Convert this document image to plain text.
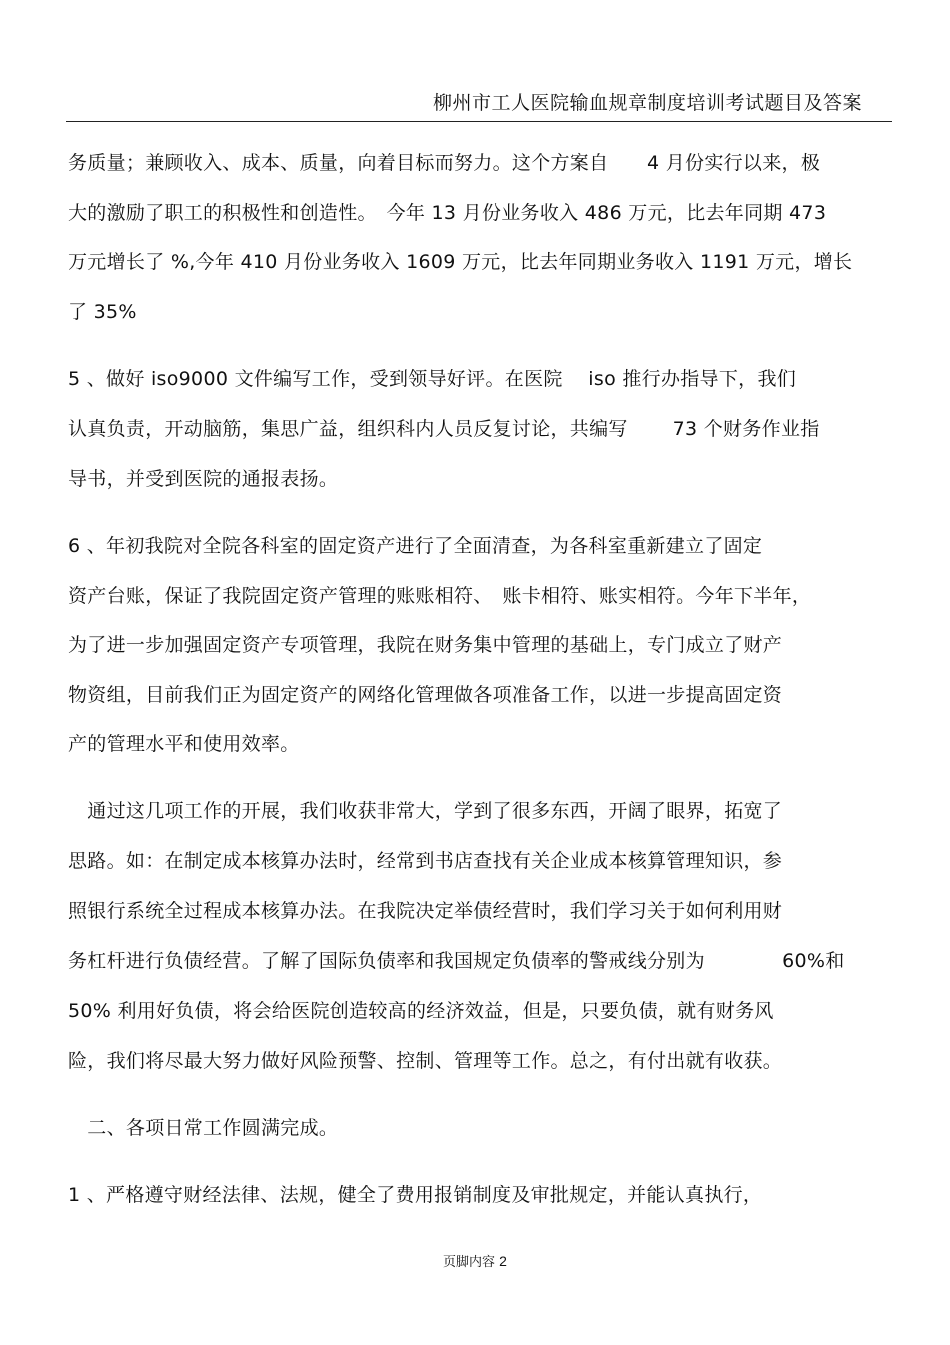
柳州市工人医院输血规章制度培训考试题目及答案
务质量；兼顾收入、成本、质量，向着目标而努力。这个方案自　　4 月份实行以来，极
大的激励了职工的积极性和创造性。　今年 13 月份业务收入 486 万元，比去年同期 473
万元增长了 %,今年 410 月份业务收入 1609 万元，比去年同期业务收入 1191 万元，增长
了 35%
5 、做好 iso9000 文件编写工作，受到领导好评。在医院　 iso 推行办指导下，我们
认真负责，开动脑筋，集思广益，组织科内人员反复讨论，共编写　　 73 个财务作业指
导书，并受到医院的通报表扬。
6 、年初我院对全院各科室的固定资产进行了全面清查，为各科室重新建立了固定
资产台账，保证了我院固定资产管理的账账相符、　账卡相符、账实相符。今年下半年，
为了进一步加强固定资产专项管理，我院在财务集中管理的基础上，专门成立了财产
物资组，目前我们正为固定资产的网络化管理做各项准备工作，以进一步提高固定资
产的管理水平和使用效率。
　通过这几项工作的开展，我们收获非常大，学到了很多东西，开阔了眼界，拓宽了
思路。如：在制定成本核算办法时，经常到书店查找有关企业成本核算管理知识，参
照银行系统全过程成本核算办法。在我院决定举债经营时，我们学习关于如何利用财
务杠杆进行负债经营。了解了国际负债率和我国规定负债率的警戒线分别为　　　　60%和
50% 利用好负债，将会给医院创造较高的经济效益，但是，只要负债，就有财务风
险，我们将尽最大努力做好风险预警、控制、管理等工作。总之，有付出就有收获。
　二、各项日常工作圆满完成。
1 、严格遵守财经法律、法规，健全了费用报销制度及审批规定，并能认真执行，
页脚内容 2
